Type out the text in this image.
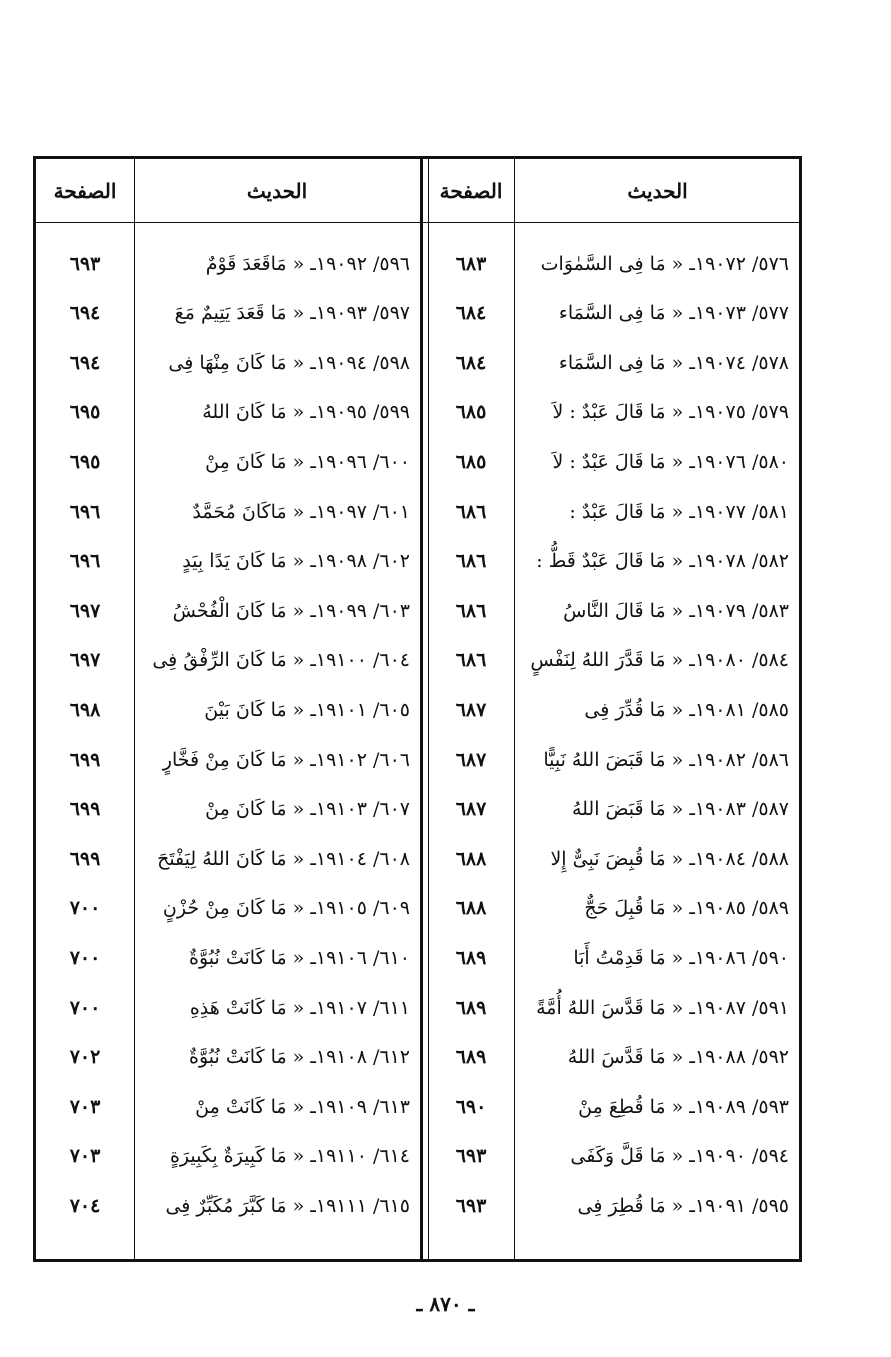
الحديث
الصفحة
الحديث
الصفحة
٥٧٦/ ١٩٠٧٢ـ « مَا فِى السَّمٰوَات
٦٨٣
٥٩٦/ ١٩٠٩٢ـ « مَاقَعَدَ قَوْمٌ
٦٩٣
٥٧٧/ ١٩٠٧٣ـ « مَا فِى السَّمَاء
٦٨٤
٥٩٧/ ١٩٠٩٣ـ « مَا قَعَدَ يَتِيمٌ مَعَ
٦٩٤
٥٧٨/ ١٩٠٧٤ـ « مَا فِى السَّمَاء
٦٨٤
٥٩٨/ ١٩٠٩٤ـ « مَا كَانَ مِنْهَا فِى
٦٩٤
٥٧٩/ ١٩٠٧٥ـ « مَا قَالَ عَبْدٌ : لاَ
٦٨٥
٥٩٩/ ١٩٠٩٥ـ « مَا كَانَ اللهُ
٦٩٥
٥٨٠/ ١٩٠٧٦ـ « مَا قَالَ عَبْدٌ : لاَ
٦٨٥
٦٠٠/ ١٩٠٩٦ـ « مَا كَانَ مِنْ
٦٩٥
٥٨١/ ١٩٠٧٧ـ « مَا قَالَ عَبْدٌ :
٦٨٦
٦٠١/ ١٩٠٩٧ـ « مَاكَانَ مُحَمَّدٌ
٦٩٦
٥٨٢/ ١٩٠٧٨ـ « مَا قَالَ عَبْدٌ قَطُّ :
٦٨٦
٦٠٢/ ١٩٠٩٨ـ « مَا كَانَ يَدًا بِيَدٍ
٦٩٦
٥٨٣/ ١٩٠٧٩ـ « مَا قَالَ النَّاسُ
٦٨٦
٦٠٣/ ١٩٠٩٩ـ « مَا كَانَ الْفُحْشُ
٦٩٧
٥٨٤/ ١٩٠٨٠ـ « مَا قَدَّرَ اللهُ لِنَفْسٍ
٦٨٦
٦٠٤/ ١٩١٠٠ـ « مَا كَانَ الرِّفْقُ فِى
٦٩٧
٥٨٥/ ١٩٠٨١ـ « مَا قُدِّرَ فِى
٦٨٧
٦٠٥/ ١٩١٠١ـ « مَا كَانَ بَيْنَ
٦٩٨
٥٨٦/ ١٩٠٨٢ـ « مَا قَبَضَ اللهُ نَبِيًّا
٦٨٧
٦٠٦/ ١٩١٠٢ـ « مَا كَانَ مِنْ فَخَّارٍ
٦٩٩
٥٨٧/ ١٩٠٨٣ـ « مَا قَبَضَ اللهُ
٦٨٧
٦٠٧/ ١٩١٠٣ـ « مَا كَانَ مِنْ
٦٩٩
٥٨٨/ ١٩٠٨٤ـ « مَا قُبِضَ نَبِىٌّ إِلا
٦٨٨
٦٠٨/ ١٩١٠٤ـ « مَا كَانَ اللهُ لِيَفْتَحَ
٦٩٩
٥٨٩/ ١٩٠٨٥ـ « مَا قُبِلَ حَجٌّ
٦٨٨
٦٠٩/ ١٩١٠٥ـ « مَا كَانَ مِنْ حُزْنٍ
٧٠٠
٥٩٠/ ١٩٠٨٦ـ « مَا قَدِمْتُ أَبَا
٦٨٩
٦١٠/ ١٩١٠٦ـ « مَا كَانَتْ نُبُوَّةٌ
٧٠٠
٥٩١/ ١٩٠٨٧ـ « مَا قَدَّسَ اللهُ أُمَّةً
٦٨٩
٦١١/ ١٩١٠٧ـ « مَا كَانَتْ هَذِهِ
٧٠٠
٥٩٢/ ١٩٠٨٨ـ « مَا قَدَّسَ اللهُ
٦٨٩
٦١٢/ ١٩١٠٨ـ « مَا كَانَتْ نُبُوَّةٌ
٧٠٢
٥٩٣/ ١٩٠٨٩ـ « مَا قُطِعَ مِنْ
٦٩٠
٦١٣/ ١٩١٠٩ـ « مَا كَانَتْ مِنْ
٧٠٣
٥٩٤/ ١٩٠٩٠ـ « مَا قَلَّ وَكَفَى
٦٩٣
٦١٤/ ١٩١١٠ـ « مَا كَبِيرَةٌ بِكَبِيرَةٍ
٧٠٣
٥٩٥/ ١٩٠٩١ـ « مَا قُطِرَ فِى
٦٩٣
٦١٥/ ١٩١١١ـ « مَا كَبَّرَ مُكَبِّرٌ فِى
٧٠٤
ـ ٨٧٠ ـ
